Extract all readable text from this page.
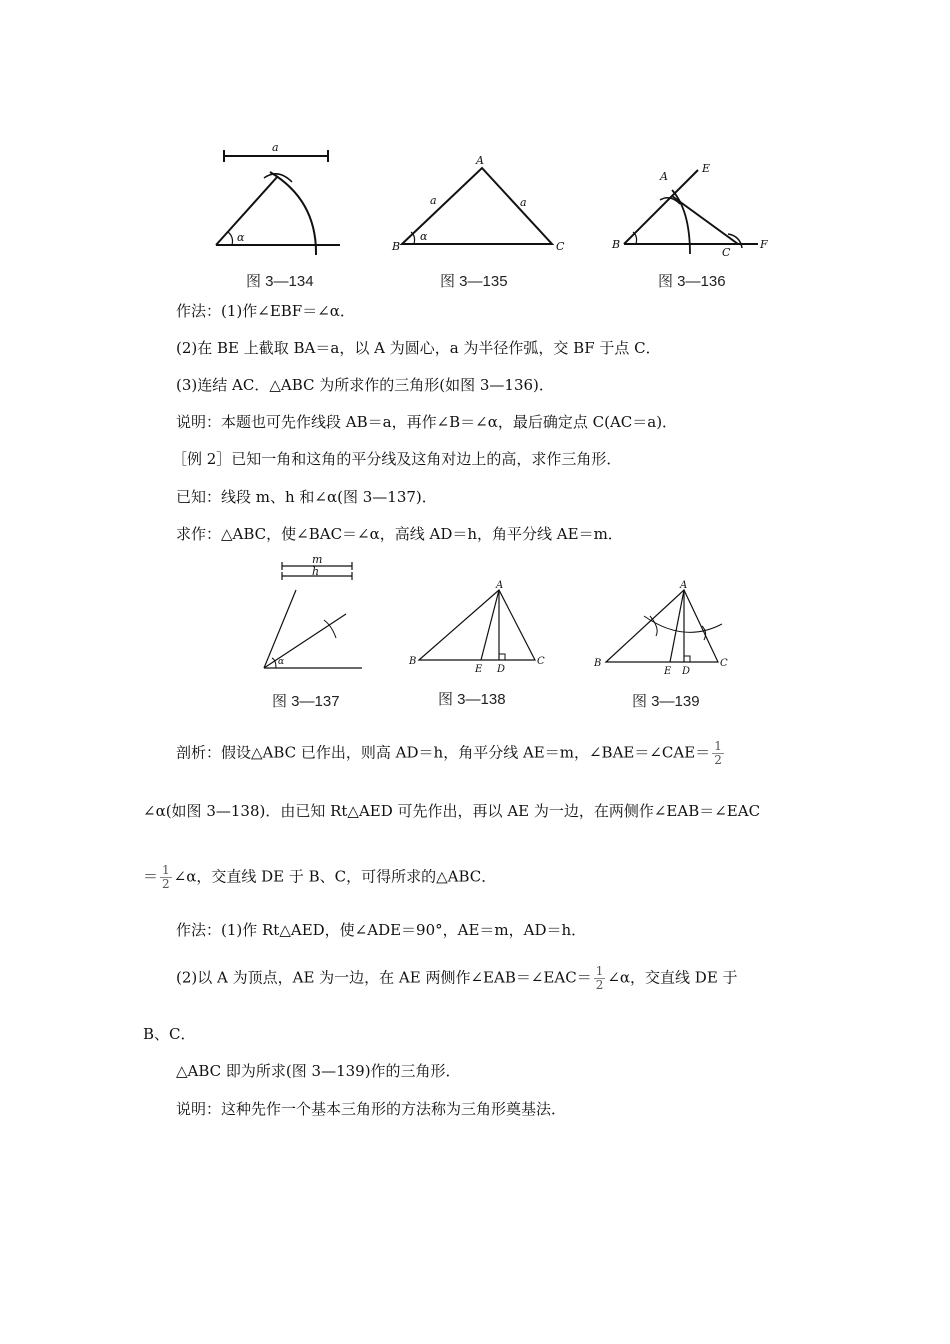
a
α
图 3—134
A
B	C
a	a
α
图 3—135
A
B
C
E
F
图 3—136
作法：(1)作∠EBF＝∠α．
(2)在 BE 上截取 BA＝a，以 A 为圆心，a 为半径作弧，交 BF 于点 C．
(3)连结 AC．△ABC 为所求作的三角形(如图 3—136)．
说明：本题也可先作线段 AB＝a，再作∠B＝∠α，最后确定点 C(AC＝a)．
［例 2］已知一角和这角的平分线及这角对边上的高，求作三角形．
已知：线段 m、h 和∠α(图 3—137)．
求作：△ABC，使∠BAC＝∠α，高线 AD＝h，角平分线 AE＝m．
m
h
α
图 3—137
A
B	C
E D
图 3—138
A
B	C
E D
图 3—139
剖析：假设△ABC 已作出，则高 AD＝h，角平分线 AE＝m，∠BAE＝∠CAE＝ $\frac{1}{2}$
∠α(如图 3—138)．由已知 Rt△AED 可先作出，再以 AE 为一边，在两侧作∠EAB＝∠EAC
＝ $\frac{1}{2}$ ∠α，交直线 DE 于 B、C，可得所求的△ABC．
作法：(1)作 Rt△AED，使∠ADE＝90°，AE＝m，AD＝h．
(2)以 A 为顶点，AE 为一边，在 AE 两侧作∠EAB＝∠EAC＝ $\frac{1}{2}$ ∠α，交直线 DE 于
B、C．
△ABC 即为所求(图 3—139)作的三角形．
说明：这种先作一个基本三角形的方法称为三角形奠基法．
